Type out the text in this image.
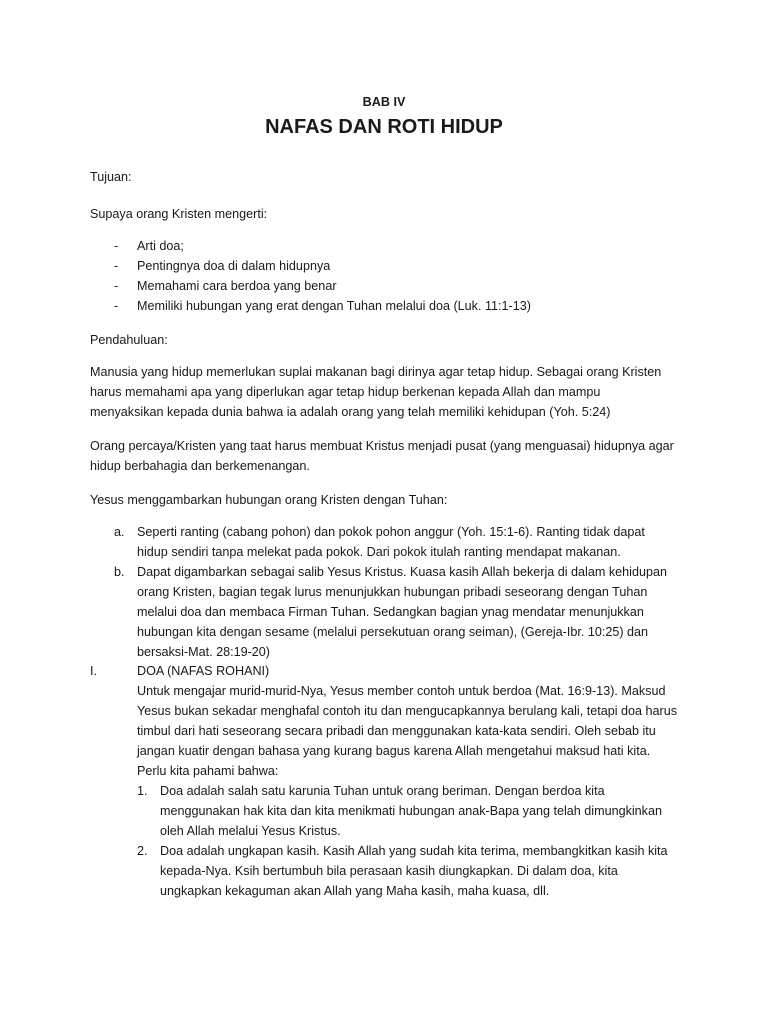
BAB IV
NAFAS DAN ROTI HIDUP
Tujuan:
Supaya orang Kristen mengerti:
- Arti doa;
- Pentingnya doa di dalam hidupnya
- Memahami cara berdoa yang benar
- Memiliki hubungan yang erat dengan Tuhan melalui doa (Luk. 11:1-13)
Pendahuluan:
Manusia yang hidup memerlukan suplai makanan bagi dirinya agar tetap hidup. Sebagai orang Kristen
harus memahami apa yang diperlukan agar tetap hidup berkenan kepada Allah dan mampu
menyaksikan kepada dunia bahwa ia adalah orang yang telah memiliki kehidupan (Yoh. 5:24)
Orang percaya/Kristen yang taat harus membuat Kristus menjadi pusat (yang menguasai) hidupnya agar
hidup berbahagia dan berkemenangan.
Yesus menggambarkan hubungan orang Kristen dengan Tuhan:
a. Seperti ranting (cabang pohon) dan pokok pohon anggur (Yoh. 15:1-6). Ranting tidak dapat
hidup sendiri tanpa melekat pada pokok. Dari pokok itulah ranting mendapat makanan.
b. Dapat digambarkan sebagai salib Yesus Kristus. Kuasa kasih Allah bekerja di dalam kehidupan
orang Kristen, bagian tegak lurus menunjukkan hubungan pribadi seseorang dengan Tuhan
melalui doa dan membaca Firman Tuhan. Sedangkan bagian ynag mendatar menunjukkan
hubungan kita dengan sesame (melalui persekutuan orang seiman), (Gereja-Ibr. 10:25) dan
bersaksi-Mat. 28:19-20)
I.	DOA (NAFAS ROHANI)
Untuk mengajar murid-murid-Nya, Yesus member contoh untuk berdoa (Mat. 16:9-13). Maksud
Yesus bukan sekadar menghafal contoh itu dan mengucapkannya berulang kali, tetapi doa harus
timbul dari hati seseorang secara pribadi dan menggunakan kata-kata sendiri. Oleh sebab itu
jangan kuatir dengan bahasa yang kurang bagus karena Allah mengetahui maksud hati kita.
Perlu kita pahami bahwa:
1. Doa adalah salah satu karunia Tuhan untuk orang beriman. Dengan berdoa kita
menggunakan hak kita dan kita menikmati hubungan anak-Bapa yang telah dimungkinkan
oleh Allah melalui Yesus Kristus.
2. Doa adalah ungkapan kasih. Kasih Allah yang sudah kita terima, membangkitkan kasih kita
kepada-Nya. Ksih bertumbuh bila perasaan kasih diungkapkan. Di dalam doa, kita
ungkapkan kekaguman akan Allah yang Maha kasih, maha kuasa, dll.
